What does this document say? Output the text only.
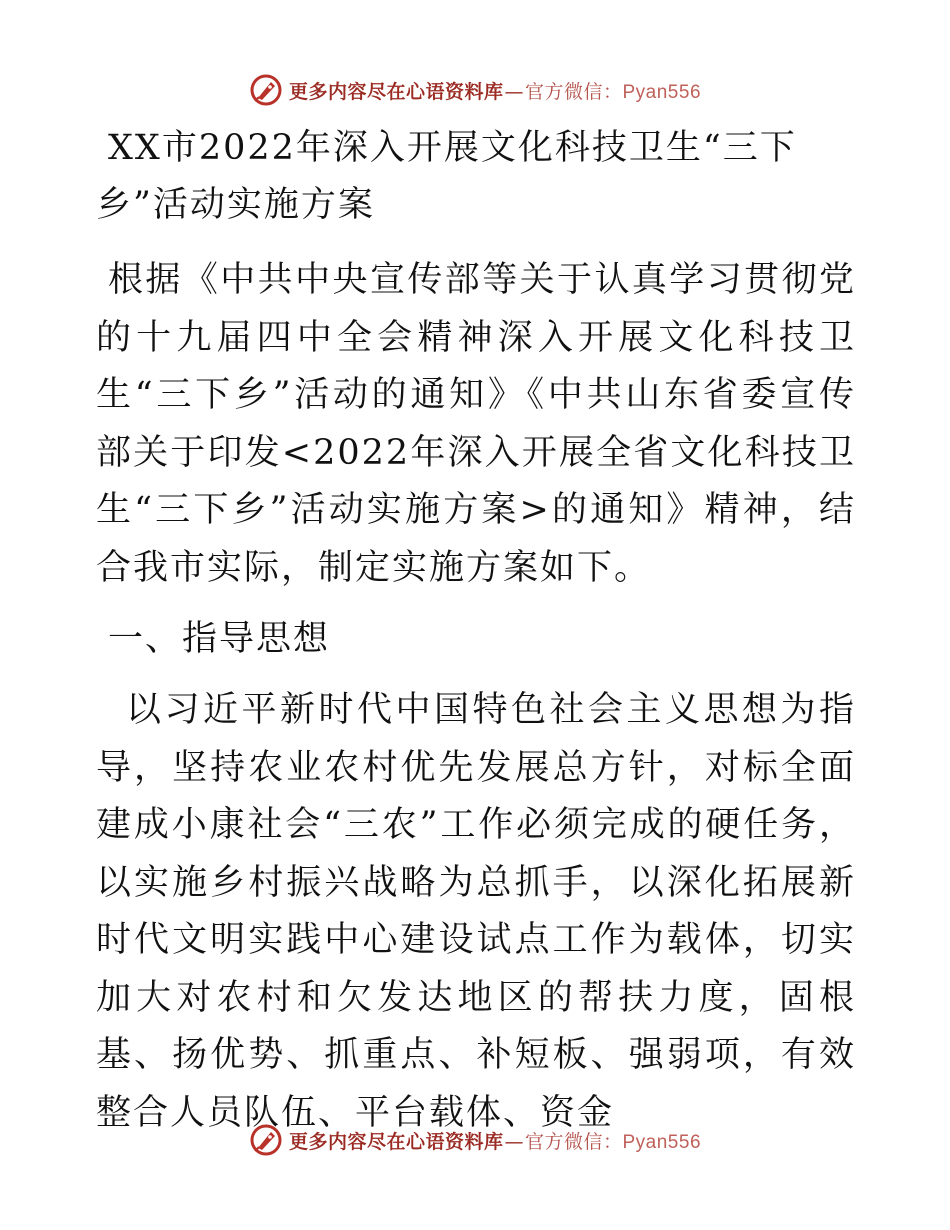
更多内容尽在心语资料库—官方微信：Pyan556
XX市2022年深入开展文化科技卫生“三下乡”活动实施方案

根据《中共中央宣传部等关于认真学习贯彻党的十九届四中全会精神深入开展文化科技卫生“三下乡”活动的通知》《中共山东省委宣传部关于印发<2022年深入开展全省文化科技卫生“三下乡”活动实施方案>的通知》精神，结合我市实际，制定实施方案如下。

一、指导思想

以习近平新时代中国特色社会主义思想为指导，坚持农业农村优先发展总方针，对标全面建成小康社会“三农”工作必须完成的硬任务，以实施乡村振兴战略为总抓手，以深化拓展新时代文明实践中心建设试点工作为载体，切实加大对农村和欠发达地区的帮扶力度，固根基、扬优势、抓重点、补短板、强弱项，有效整合人员队伍、平台载体、资金

更多内容尽在心语资料库—官方微信：Pyan556
